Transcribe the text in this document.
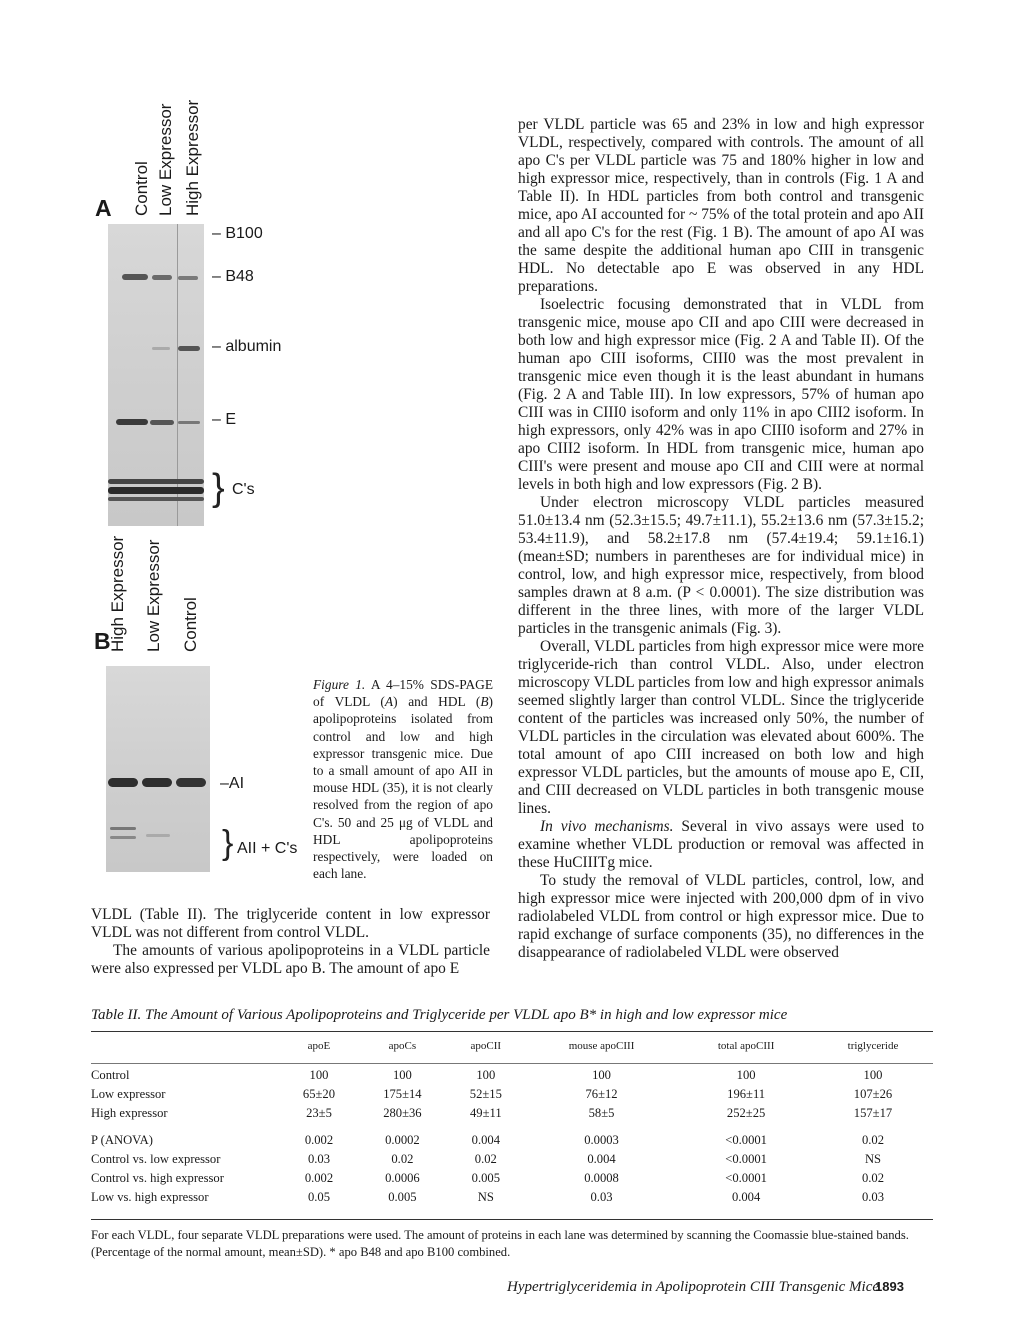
A Control Low Expressor High Expressor
– B100
– B48
– albumin
– E
} C's
B
High Expressor Low Expressor Control
–AI
} AII + C's
Figure 1. A 4–15% SDS-PAGE of VLDL (A) and HDL (B) apolipoproteins isolated from control and low and high expressor transgenic mice. Due to a small amount of apo AII in mouse HDL (35), it is not clearly resolved from the region of apo C's. 50 and 25 μg of VLDL and HDL apolipoproteins respectively, were loaded on each lane.

VLDL (Table II). The triglyceride content in low expressor VLDL was not different from control VLDL.

The amounts of various apolipoproteins in a VLDL particle were also expressed per VLDL apo B. The amount of apo E

per VLDL particle was 65 and 23% in low and high expressor VLDL, respectively, compared with controls. The amount of all apo C's per VLDL particle was 75 and 180% higher in low and high expressor mice, respectively, than in controls (Fig. 1 A and Table II). In HDL particles from both control and transgenic mice, apo AI accounted for ~ 75% of the total protein and apo AII and all apo C's for the rest (Fig. 1 B). The amount of apo AI was the same despite the additional human apo CIII in transgenic HDL. No detectable apo E was observed in any HDL preparations.

Isoelectric focusing demonstrated that in VLDL from transgenic mice, mouse apo CII and apo CIII were decreased in both low and high expressor mice (Fig. 2 A and Table II). Of the human apo CIII isoforms, CIII0 was the most prevalent in transgenic mice even though it is the least abundant in humans (Fig. 2 A and Table III). In low expressors, 57% of human apo CIII was in CIII0 isoform and only 11% in apo CIII2 isoform. In high expressors, only 42% was in apo CIII0 isoform and 27% in apo CIII2 isoform. In HDL from transgenic mice, human apo CIII's were present and mouse apo CII and CIII were at normal levels in both high and low expressors (Fig. 2 B).

Under electron microscopy VLDL particles measured 51.0±13.4 nm (52.3±15.5; 49.7±11.1), 55.2±13.6 nm (57.3±15.2; 53.4±11.9), and 58.2±17.8 nm (57.4±19.4; 59.1±16.1) (mean±SD; numbers in parentheses are for individual mice) in control, low, and high expressor mice, respectively, from blood samples drawn at 8 a.m. (P < 0.0001). The size distribution was different in the three lines, with more of the larger VLDL particles in the transgenic animals (Fig. 3).

Overall, VLDL particles from high expressor mice were more triglyceride-rich than control VLDL. Also, under electron microscopy VLDL particles from low and high expressor animals seemed slightly larger than control VLDL. Since the triglyceride content of the particles was increased only 50%, the number of VLDL particles in the circulation was elevated about 600%. The total amount of apo CIII increased on both low and high expressor VLDL particles, but the amounts of mouse apo E, CII, and CIII decreased on VLDL particles in both transgenic mouse lines.

In vivo mechanisms. Several in vivo assays were used to examine whether VLDL production or removal was affected in these HuCIIITg mice.

To study the removal of VLDL particles, control, low, and high expressor mice were injected with 200,000 dpm of in vivo radiolabeled VLDL from control or high expressor mice. Due to rapid exchange of surface components (35), no differences in the disappearance of radiolabeled VLDL were observed

Table II. The Amount of Various Apolipoproteins and Triglyceride per VLDL apo B* in high and low expressor mice
	apoE	apoCs	apoCII	mouse apoCIII	total apoCIII	triglyceride
Control	100	100	100	100	100	100
Low expressor	65±20	175±14	52±15	76±12	196±11	107±26
High expressor	23±5	280±36	49±11	58±5	252±25	157±17

P (ANOVA)	0.002	0.0002	0.004	0.0003	<0.0001	0.02
Control vs. low expressor	0.03	0.02	0.02	0.004	<0.0001	NS
Control vs. high expressor	0.002	0.0006	0.005	0.0008	<0.0001	0.02
Low vs. high expressor	0.05	0.005	NS	0.03	0.004	0.03
For each VLDL, four separate VLDL preparations were used. The amount of proteins in each lane was determined by scanning the Coomassie blue-stained bands. (Percentage of the normal amount, mean±SD). * apo B48 and apo B100 combined.
Hypertriglyceridemia in Apolipoprotein CIII Transgenic Mice
1893
